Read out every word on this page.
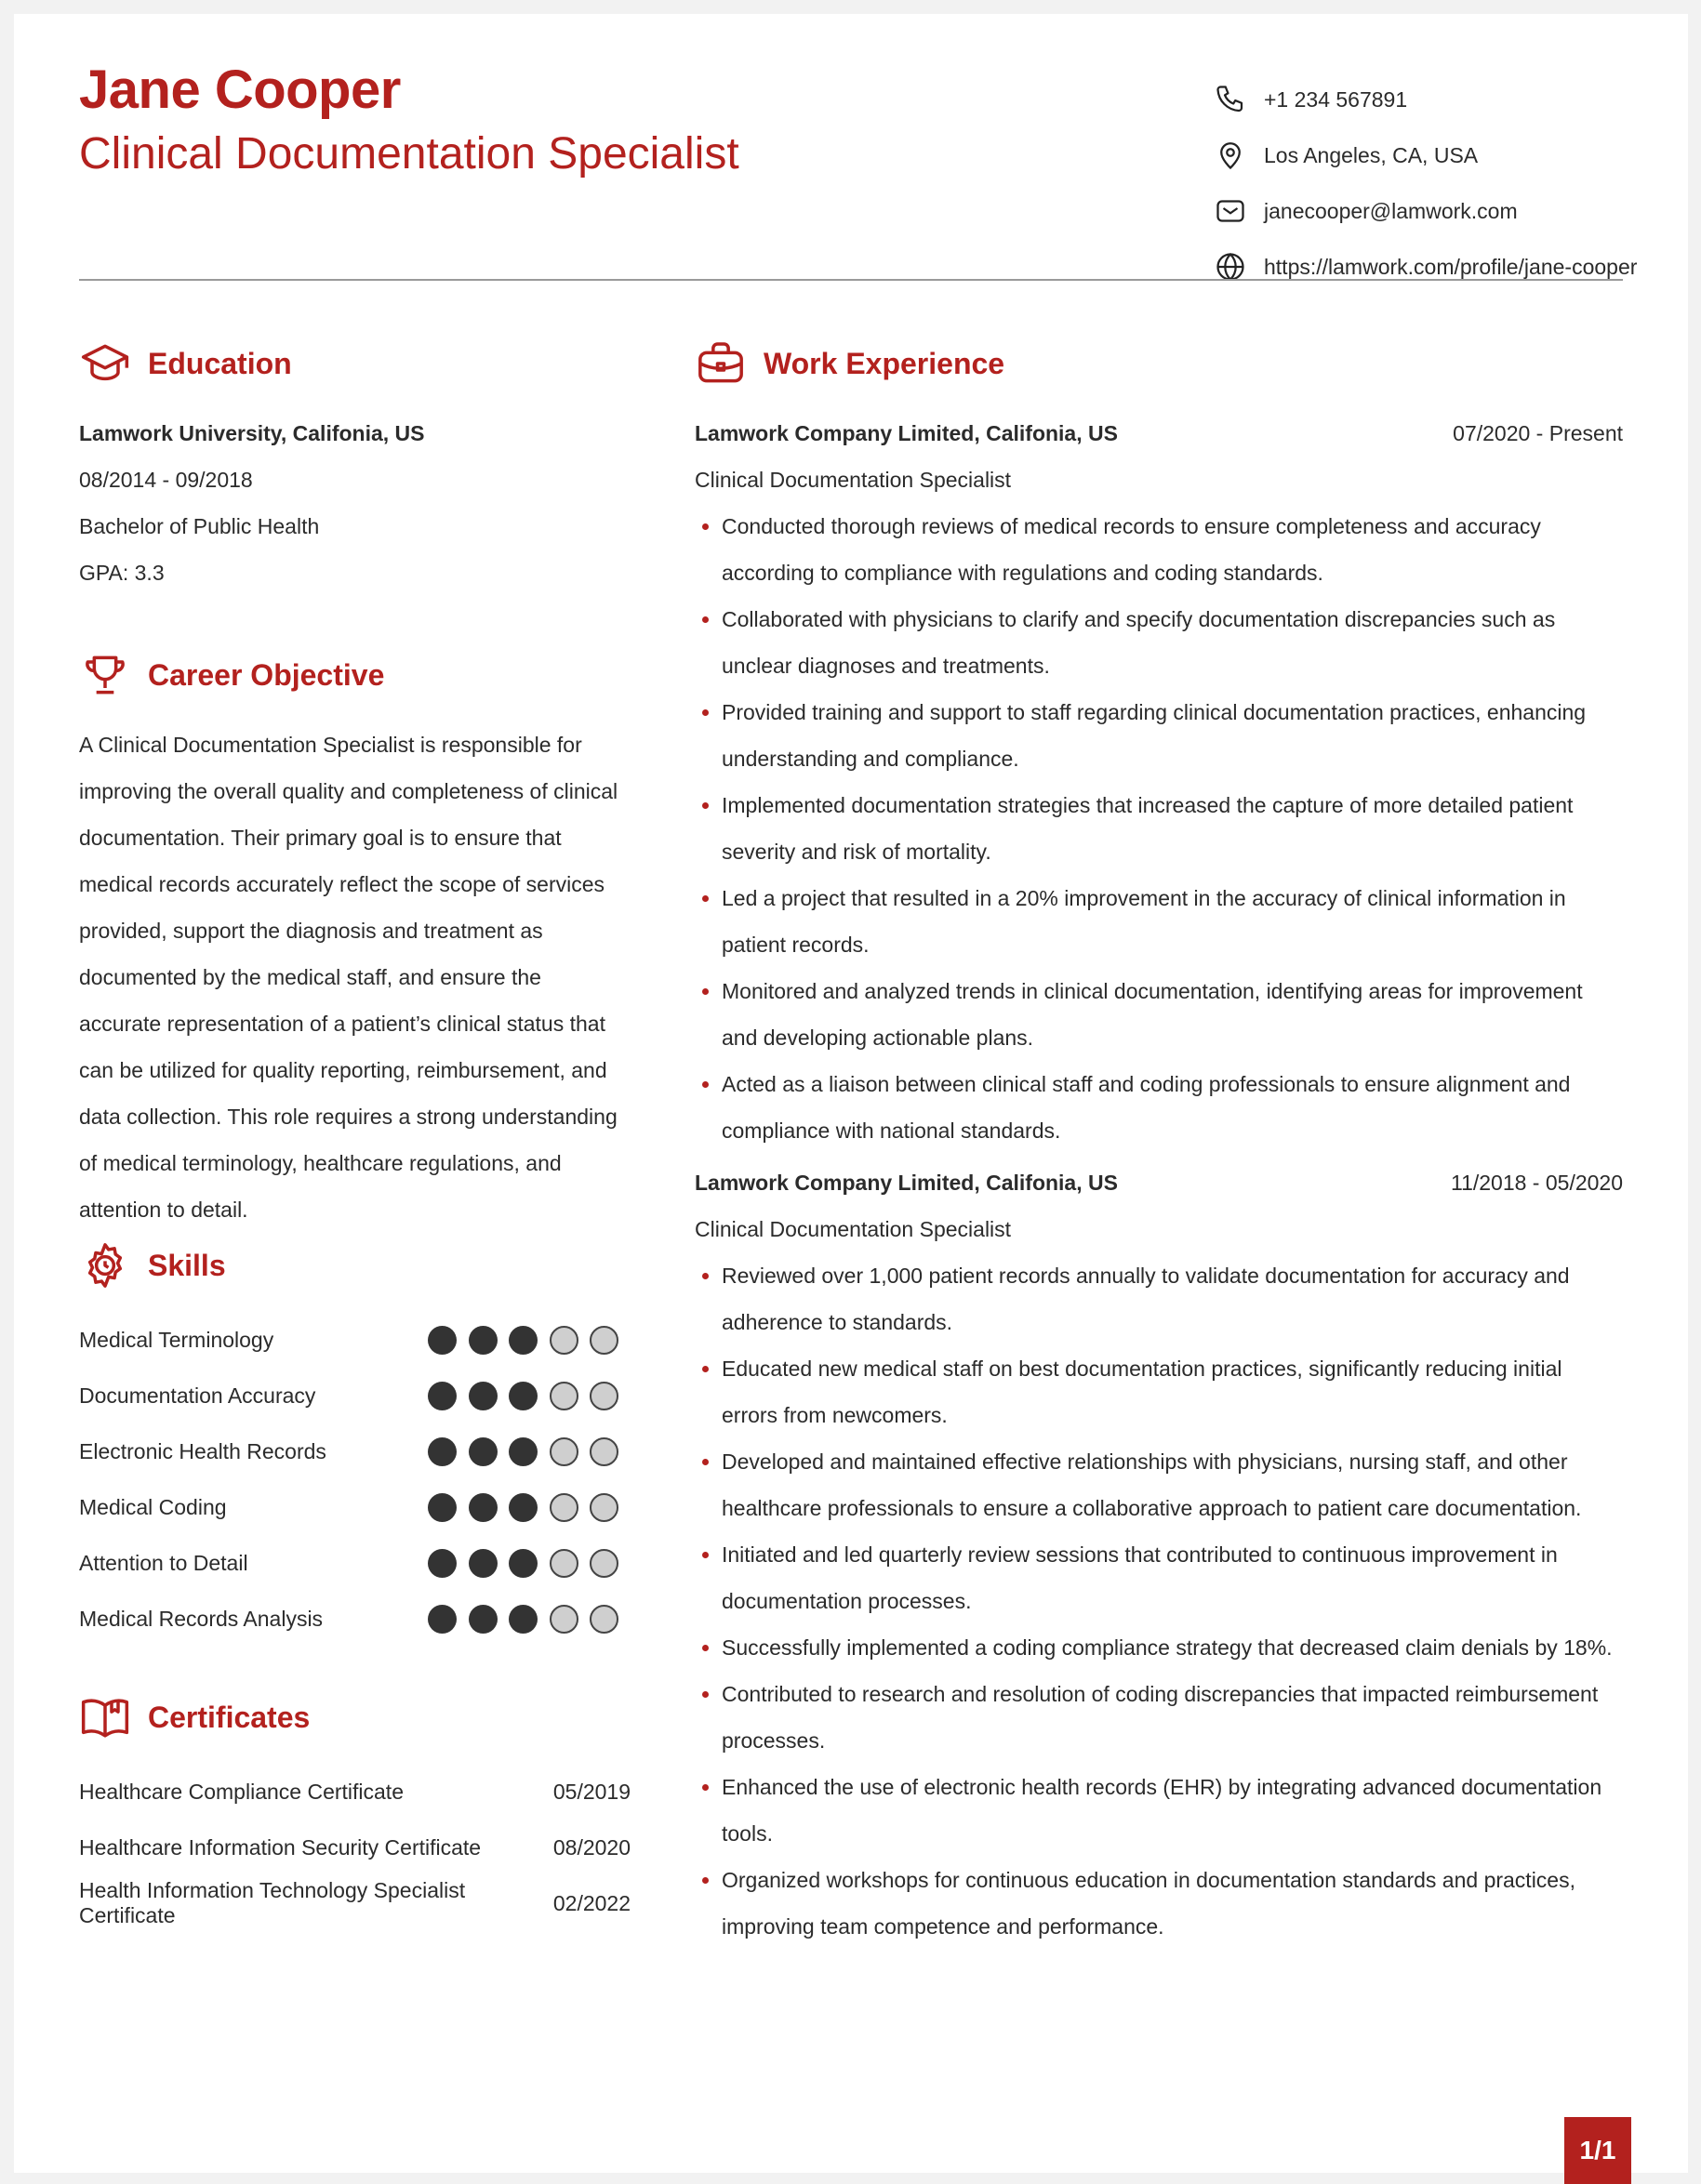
Jane Cooper
Clinical Documentation Specialist
+1 234 567891
Los Angeles, CA, USA
janecooper@lamwork.com
https://lamwork.com/profile/jane-cooper
Education
Lamwork University, Califonia, US
08/2014 - 09/2018
Bachelor of Public Health
GPA: 3.3
Career Objective

A Clinical Documentation Specialist is responsible for improving the overall quality and completeness of clinical documentation. Their primary goal is to ensure that medical records accurately reflect the scope of services provided, support the diagnosis and treatment as documented by the medical staff, and ensure the accurate representation of a patient’s clinical status that can be utilized for quality reporting, reimbursement, and data collection. This role requires a strong understanding of medical terminology, healthcare regulations, and attention to detail.

Skills
Medical Terminology
Documentation Accuracy
Electronic Health Records
Medical Coding
Attention to Detail
Medical Records Analysis
Certificates
Healthcare Compliance Certificate	05/2019
Healthcare Information Security Certificate	08/2020
Health Information Technology Specialist Certificate
02/2022
Work Experience
Lamwork Company Limited, Califonia, US	07/2020 - Present
Clinical Documentation Specialist
Conducted thorough reviews of medical records to ensure completeness and accuracy according to compliance with regulations and coding standards.
Collaborated with physicians to clarify and specify documentation discrepancies such as unclear diagnoses and treatments.
Provided training and support to staff regarding clinical documentation practices, enhancing understanding and compliance.
Implemented documentation strategies that increased the capture of more detailed patient severity and risk of mortality.
Led a project that resulted in a 20% improvement in the accuracy of clinical information in patient records.
Monitored and analyzed trends in clinical documentation, identifying areas for improvement and developing actionable plans.
Acted as a liaison between clinical staff and coding professionals to ensure alignment and compliance with national standards.
Lamwork Company Limited, Califonia, US	11/2018 - 05/2020
Clinical Documentation Specialist
Reviewed over 1,000 patient records annually to validate documentation for accuracy and adherence to standards.
Educated new medical staff on best documentation practices, significantly reducing initial errors from newcomers.
Developed and maintained effective relationships with physicians, nursing staff, and other healthcare professionals to ensure a collaborative approach to patient care documentation.
Initiated and led quarterly review sessions that contributed to continuous improvement in documentation processes.
Successfully implemented a coding compliance strategy that decreased claim denials by 18%.
Contributed to research and resolution of coding discrepancies that impacted reimbursement processes.
Enhanced the use of electronic health records (EHR) by integrating advanced documentation tools.
Organized workshops for continuous education in documentation standards and practices, improving team competence and performance.
1/1
